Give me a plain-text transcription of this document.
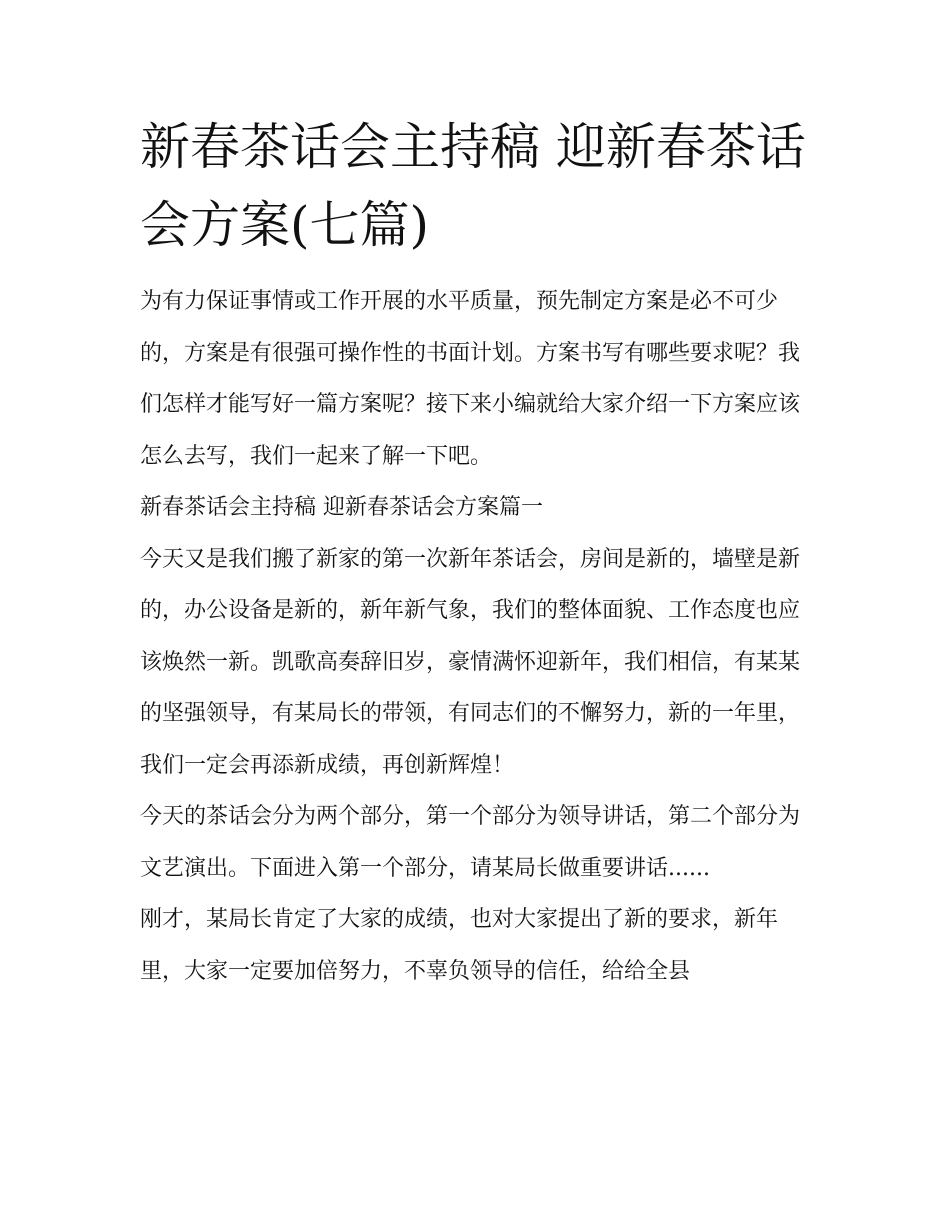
新春茶话会主持稿 迎新春茶话会方案(七篇)

为有力保证事情或工作开展的水平质量，预先制定方案是必不可少的，方案是有很强可操作性的书面计划。方案书写有哪些要求呢？我们怎样才能写好一篇方案呢？接下来小编就给大家介绍一下方案应该怎么去写，我们一起来了解一下吧。

新春茶话会主持稿 迎新春茶话会方案篇一

今天又是我们搬了新家的第一次新年茶话会，房间是新的，墙壁是新的，办公设备是新的，新年新气象，我们的整体面貌、工作态度也应该焕然一新。凯歌高奏辞旧岁，豪情满怀迎新年，我们相信，有某某的坚强领导，有某局长的带领，有同志们的不懈努力，新的一年里，我们一定会再添新成绩，再创新辉煌！

今天的茶话会分为两个部分，第一个部分为领导讲话，第二个部分为文艺演出。下面进入第一个部分，请某局长做重要讲话......

刚才，某局长肯定了大家的成绩，也对大家提出了新的要求，新年里，大家一定要加倍努力，不辜负领导的信任，给给全县
